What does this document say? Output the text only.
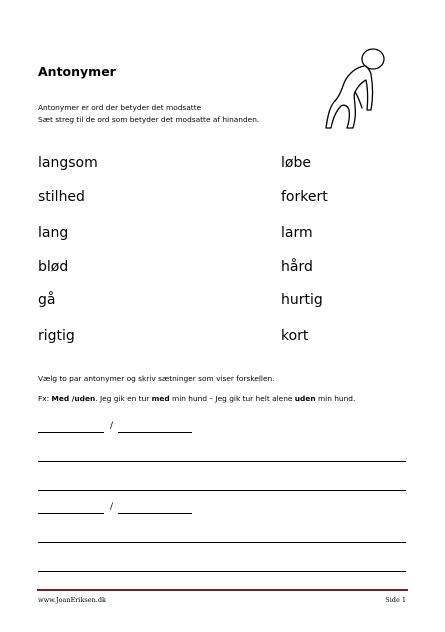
Antonymer
Antonymer er ord der betyder det modsatte
Sæt streg til de ord som betyder det modsatte af hinanden.
langsom
stilhed
lang
blød
gå
rigtig
løbe
forkert
larm
hård
hurtig
kort
Vælg to par antonymer og skriv sætninger som viser forskellen.
Fx: Med /uden. Jeg gik en tur med min hund – Jeg gik tur helt alene uden min hund.
/
/
www.JoanEriksen.dk	Side 1
